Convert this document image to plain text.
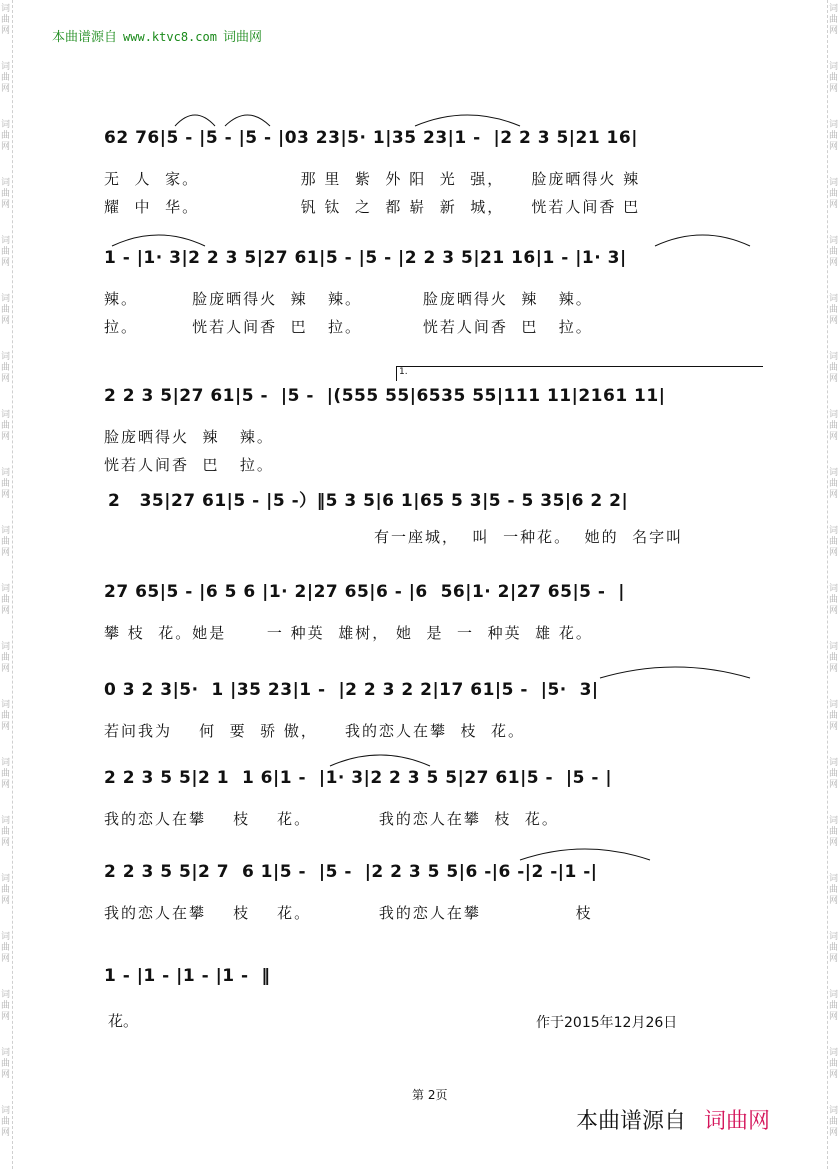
词
曲
网
词
曲
网
词
曲
网
词
曲
网
词
曲
网
词
曲
网
词
曲
网
词
曲
网
词
曲
网
词
曲
网
词
曲
网
词
曲
网
词
曲
网
词
曲
网
词
曲
网
词
曲
网
词
曲
网
词
曲
网
词
曲
网
词
曲
网
词
曲
网
词
曲
网
词
曲
网
词
曲
网
词
曲
网
词
曲
网
词
曲
网
词
曲
网
词
曲
网
词
曲
网
词
曲
网
词
曲
网
词
曲
网
词
曲
网
词
曲
网
词
曲
网
词
曲
网
词
曲
网
词
曲
网
词
曲
网
本曲谱源自 www.ktvc8.com 词曲网
62 76|5 - |5 - |5 - |03 23|5· 1|35 23|1 -  |2 2 3 5|21 16|
无  人  家。               那 里  紫  外 阳  光  强，    脸庞晒得火 辣
耀  中  华。               钒 钛  之  都 崭  新  城，    恍若人间香 巴
1 - |1· 3|2 2 3 5|27 61|5 - |5 - |2 2 3 5|21 16|1 - |1· 3|
辣。        脸庞晒得火  辣   辣。         脸庞晒得火  辣   辣。
拉。        恍若人间香  巴   拉。         恍若人间香  巴   拉。
2 2 3 5|27 61|5 -  |5 -  |(555 55|6535 55|111 11|2161 11|
脸庞晒得火  辣   辣。
恍若人间香  巴   拉。
1.
2   35|27 61|5 - |5 -）‖5 3 5|6 1|65 5 3|5 - 5 35|6 2 2|
有一座城，  叫  一种花。  她的  名字叫
27 65|5 - |6 5 6 |1· 2|27 65|6 - |6  56|1· 2|27 65|5 -  |
攀 枝  花。她是      一 种英  雄树， 她  是  一  种英  雄 花。
0 3 2 3|5·  1 |35 23|1 -  |2 2 3 2 2|17 61|5 -  |5·  3|
若问我为    何  要  骄 傲，    我的恋人在攀  枝  花。
2 2 3 5 5|2 1  1 6|1 -  |1· 3|2 2 3 5 5|27 61|5 -  |5 - |
我的恋人在攀    枝    花。          我的恋人在攀  枝  花。
2 2 3 5 5|2 7  6 1|5 -  |5 -  |2 2 3 5 5|6 -|6 -|2 -|1 -|
我的恋人在攀    枝    花。          我的恋人在攀              枝
1 - |1 - |1 - |1 -  ‖
花。	作于2015年12月26日
第 2页
本曲谱源自 词曲网
